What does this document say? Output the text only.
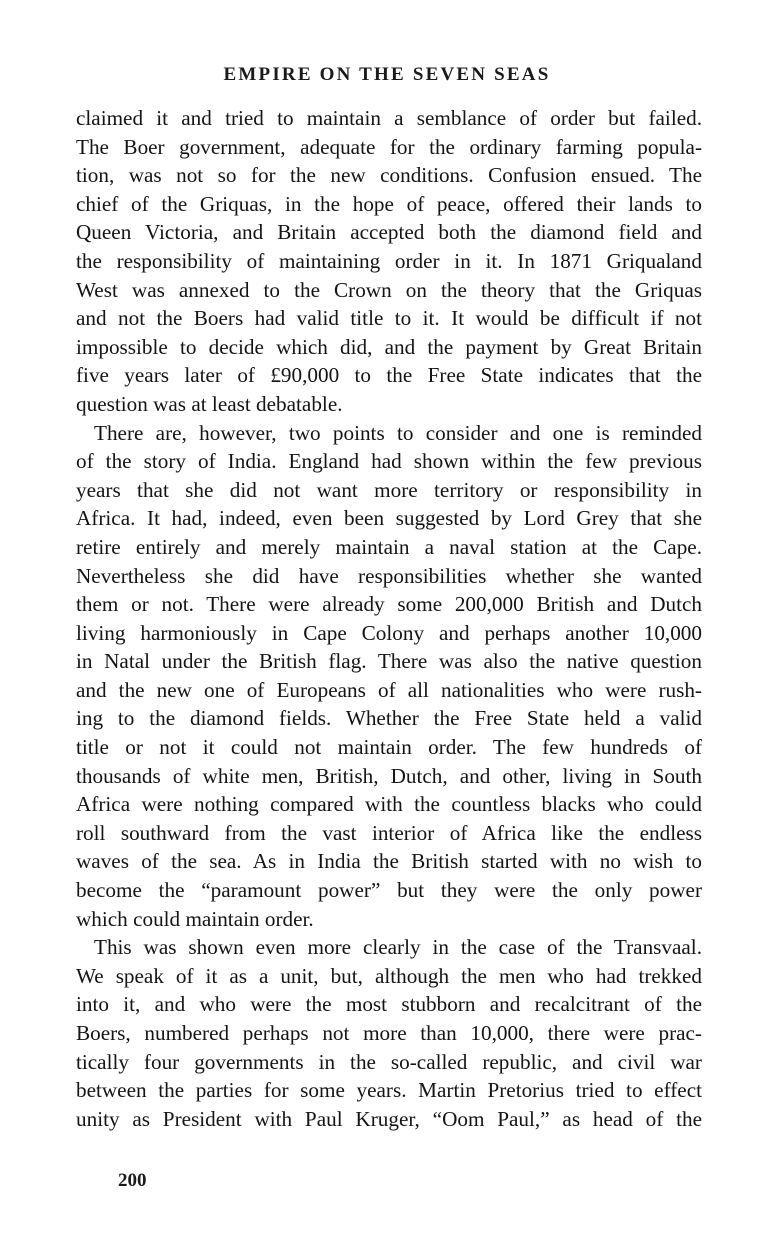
EMPIRE ON THE SEVEN SEAS
claimed it and tried to maintain a semblance of order but failed.
The Boer government, adequate for the ordinary farming popula-
tion, was not so for the new conditions. Confusion ensued. The
chief of the Griquas, in the hope of peace, offered their lands to
Queen Victoria, and Britain accepted both the diamond field and
the responsibility of maintaining order in it. In 1871 Griqualand
West was annexed to the Crown on the theory that the Griquas
and not the Boers had valid title to it. It would be difficult if not
impossible to decide which did, and the payment by Great Britain
five years later of £90,000 to the Free State indicates that the
question was at least debatable.
There are, however, two points to consider and one is reminded
of the story of India. England had shown within the few previous
years that she did not want more territory or responsibility in
Africa. It had, indeed, even been suggested by Lord Grey that she
retire entirely and merely maintain a naval station at the Cape.
Nevertheless she did have responsibilities whether she wanted
them or not. There were already some 200,000 British and Dutch
living harmoniously in Cape Colony and perhaps another 10,000
in Natal under the British flag. There was also the native question
and the new one of Europeans of all nationalities who were rush-
ing to the diamond fields. Whether the Free State held a valid
title or not it could not maintain order. The few hundreds of
thousands of white men, British, Dutch, and other, living in South
Africa were nothing compared with the countless blacks who could
roll southward from the vast interior of Africa like the endless
waves of the sea. As in India the British started with no wish to
become the “paramount power” but they were the only power
which could maintain order.
This was shown even more clearly in the case of the Transvaal.
We speak of it as a unit, but, although the men who had trekked
into it, and who were the most stubborn and recalcitrant of the
Boers, numbered perhaps not more than 10,000, there were prac-
tically four governments in the so-called republic, and civil war
between the parties for some years. Martin Pretorius tried to effect
unity as President with Paul Kruger, “Oom Paul,” as head of the
200
